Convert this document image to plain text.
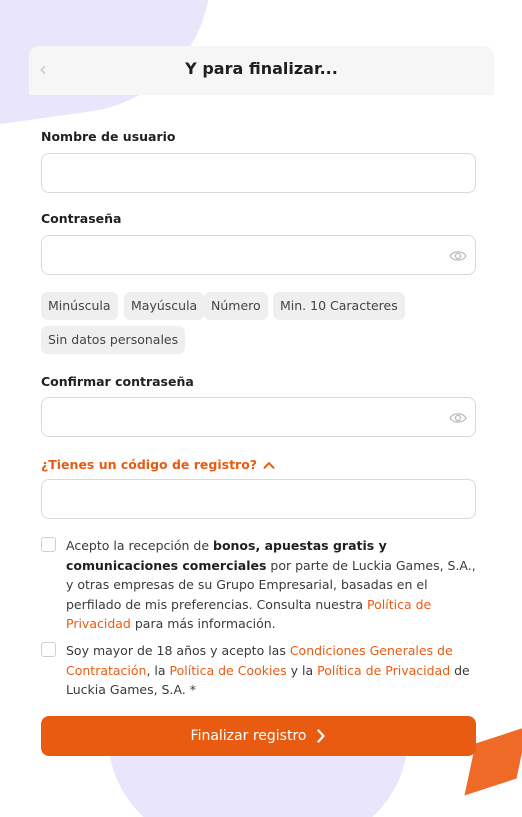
‹	Y para finalizar...
Nombre de usuario
Contraseña
Minúscula	Mayúscula	Número	Min. 10 Caracteres
Sin datos personales
Confirmar contraseña
¿Tienes un código de registro?
Acepto la recepción de bonos, apuestas gratis y comunicaciones comerciales por parte de Luckia Games, S.A., y otras empresas de su Grupo Empresarial, basadas en el perfilado de mis preferencias. Consulta nuestra Política de Privacidad para más información.
Soy mayor de 18 años y acepto las Condiciones Generales de Contratación, la Política de Cookies y la Política de Privacidad de Luckia Games, S.A. *
Finalizar registro
